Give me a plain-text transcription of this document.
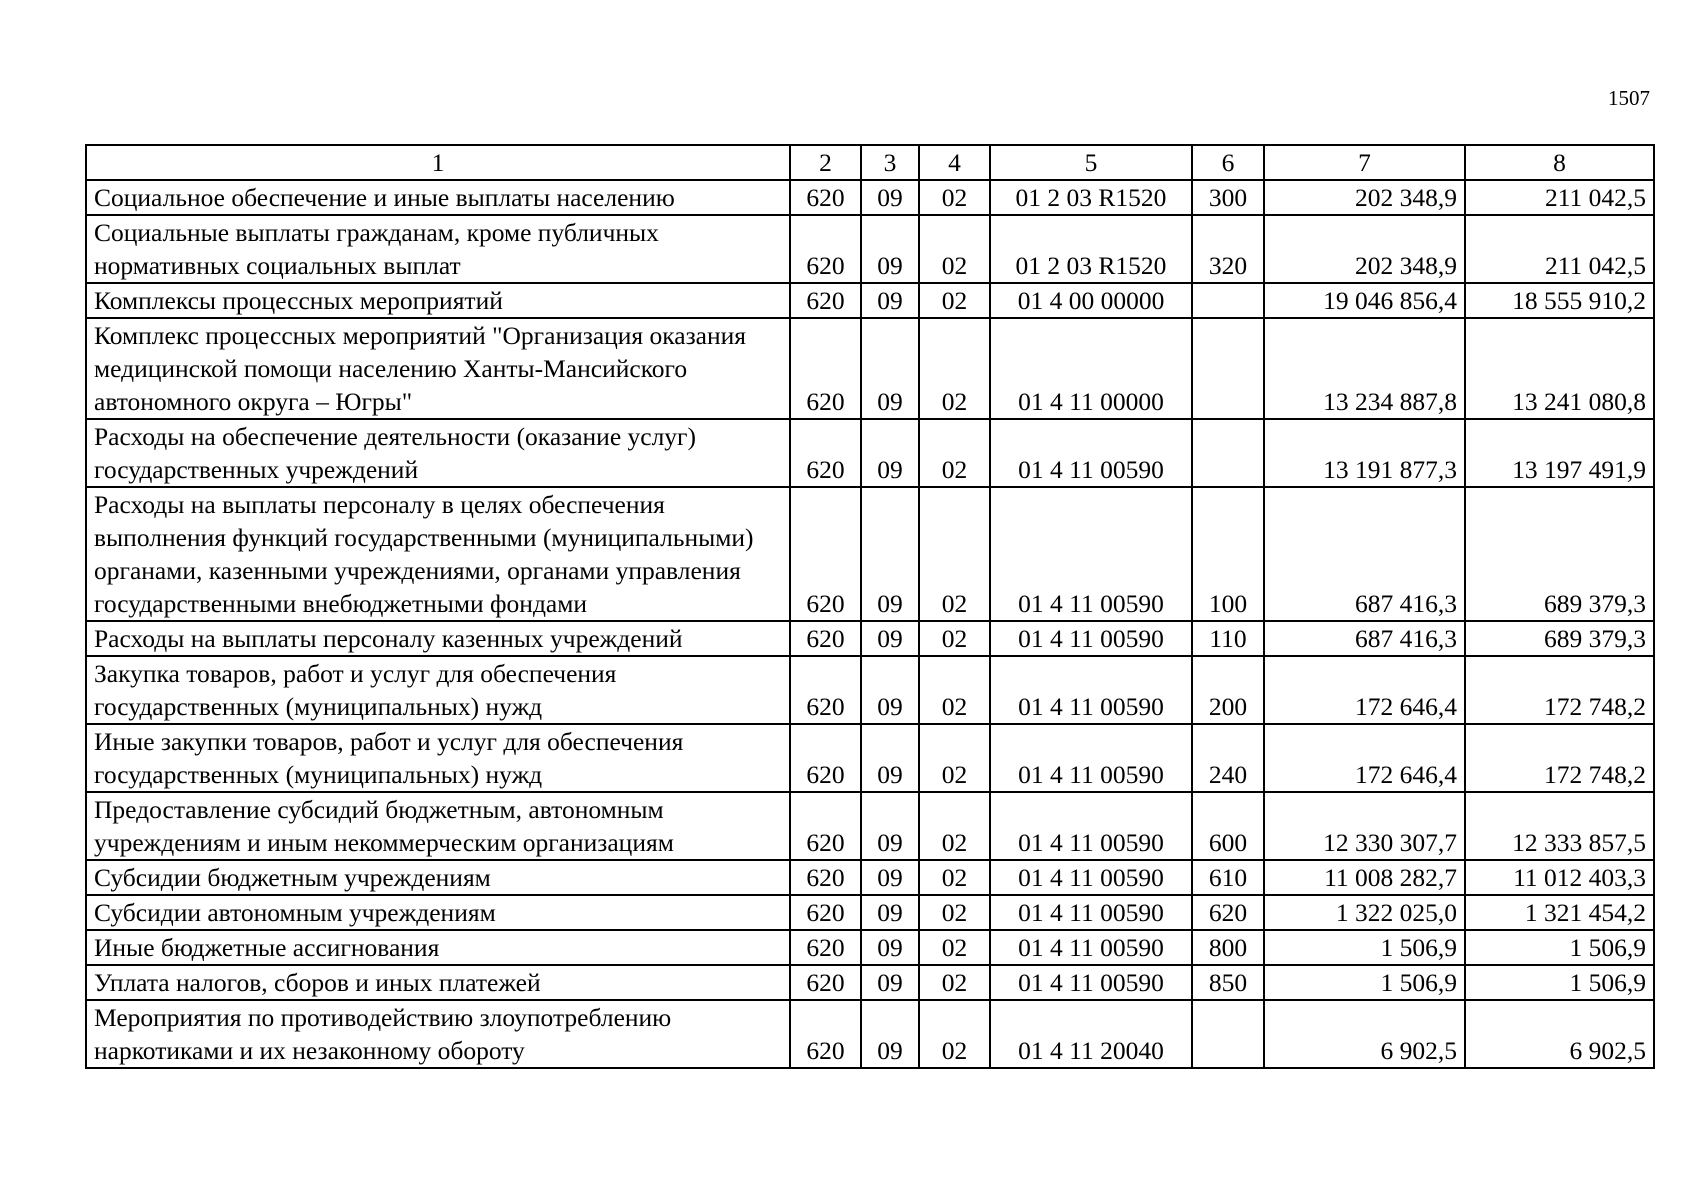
1507
1	2	3	4	5	6	7	8
Социальное обеспечение и иные выплаты населению	620	09	02	01 2 03 R1520	300	202 348,9	211 042,5
Социальные выплаты гражданам, кроме публичных нормативных социальных выплат	620	09	02	01 2 03 R1520	320	202 348,9	211 042,5
Комплексы процессных мероприятий	620	09	02	01 4 00 00000		19 046 856,4	18 555 910,2
Комплекс процессных мероприятий "Организация оказания медицинской помощи населению Ханты-Мансийского автономного округа – Югры"	620	09	02	01 4 11 00000		13 234 887,8	13 241 080,8
Расходы на обеспечение деятельности (оказание услуг) государственных учреждений	620	09	02	01 4 11 00590		13 191 877,3	13 197 491,9
Расходы на выплаты персоналу в целях обеспечения выполнения функций государственными (муниципальными) органами, казенными учреждениями, органами управления государственными внебюджетными фондами	620	09	02	01 4 11 00590	100	687 416,3	689 379,3
Расходы на выплаты персоналу казенных учреждений	620	09	02	01 4 11 00590	110	687 416,3	689 379,3
Закупка товаров, работ и услуг для обеспечения государственных (муниципальных) нужд	620	09	02	01 4 11 00590	200	172 646,4	172 748,2
Иные закупки товаров, работ и услуг для обеспечения государственных (муниципальных) нужд	620	09	02	01 4 11 00590	240	172 646,4	172 748,2
Предоставление субсидий бюджетным, автономным учреждениям и иным некоммерческим организациям	620	09	02	01 4 11 00590	600	12 330 307,7	12 333 857,5
Субсидии бюджетным учреждениям	620	09	02	01 4 11 00590	610	11 008 282,7	11 012 403,3
Субсидии автономным учреждениям	620	09	02	01 4 11 00590	620	1 322 025,0	1 321 454,2
Иные бюджетные ассигнования	620	09	02	01 4 11 00590	800	1 506,9	1 506,9
Уплата налогов, сборов и иных платежей	620	09	02	01 4 11 00590	850	1 506,9	1 506,9
Мероприятия по противодействию злоупотреблению наркотиками и их незаконному обороту	620	09	02	01 4 11 20040		6 902,5	6 902,5
